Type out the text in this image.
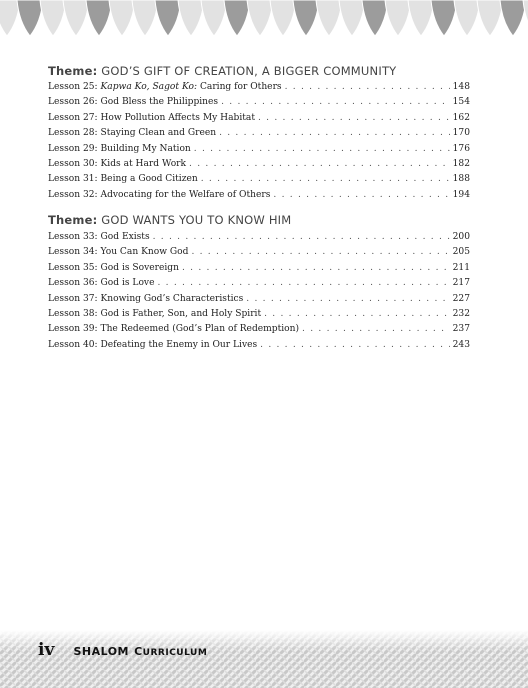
Theme: GOD’S GIFT OF CREATION, A BIGGER COMMUNITY
Lesson 25: Kapwa Ko, Sagot Ko: Caring for Others . . .	148
Lesson 26: God Bless the Philippines . . .	154
Lesson 27: How Pollution Affects My Habitat . . .	162
Lesson 28: Staying Clean and Green . . .	170
Lesson 29: Building My Nation . . .	176
Lesson 30: Kids at Hard Work . . .	182
Lesson 31: Being a Good Citizen . . .	188
Lesson 32: Advocating for the Welfare of Others . . .	194
Theme: GOD WANTS YOU TO KNOW HIM
Lesson 33: God Exists . . .	200
Lesson 34: You Can Know God . . .	205
Lesson 35: God is Sovereign . . .	211
Lesson 36: God is Love . . .	217
Lesson 37: Knowing God’s Characteristics . . .	227
Lesson 38: God is Father, Son, and Holy Spirit . . .	232
Lesson 39: The Redeemed (God’s Plan of Redemption) . . .	237
Lesson 40: Defeating the Enemy in Our Lives . . .	243
iv SHALOM CURRICULUM
